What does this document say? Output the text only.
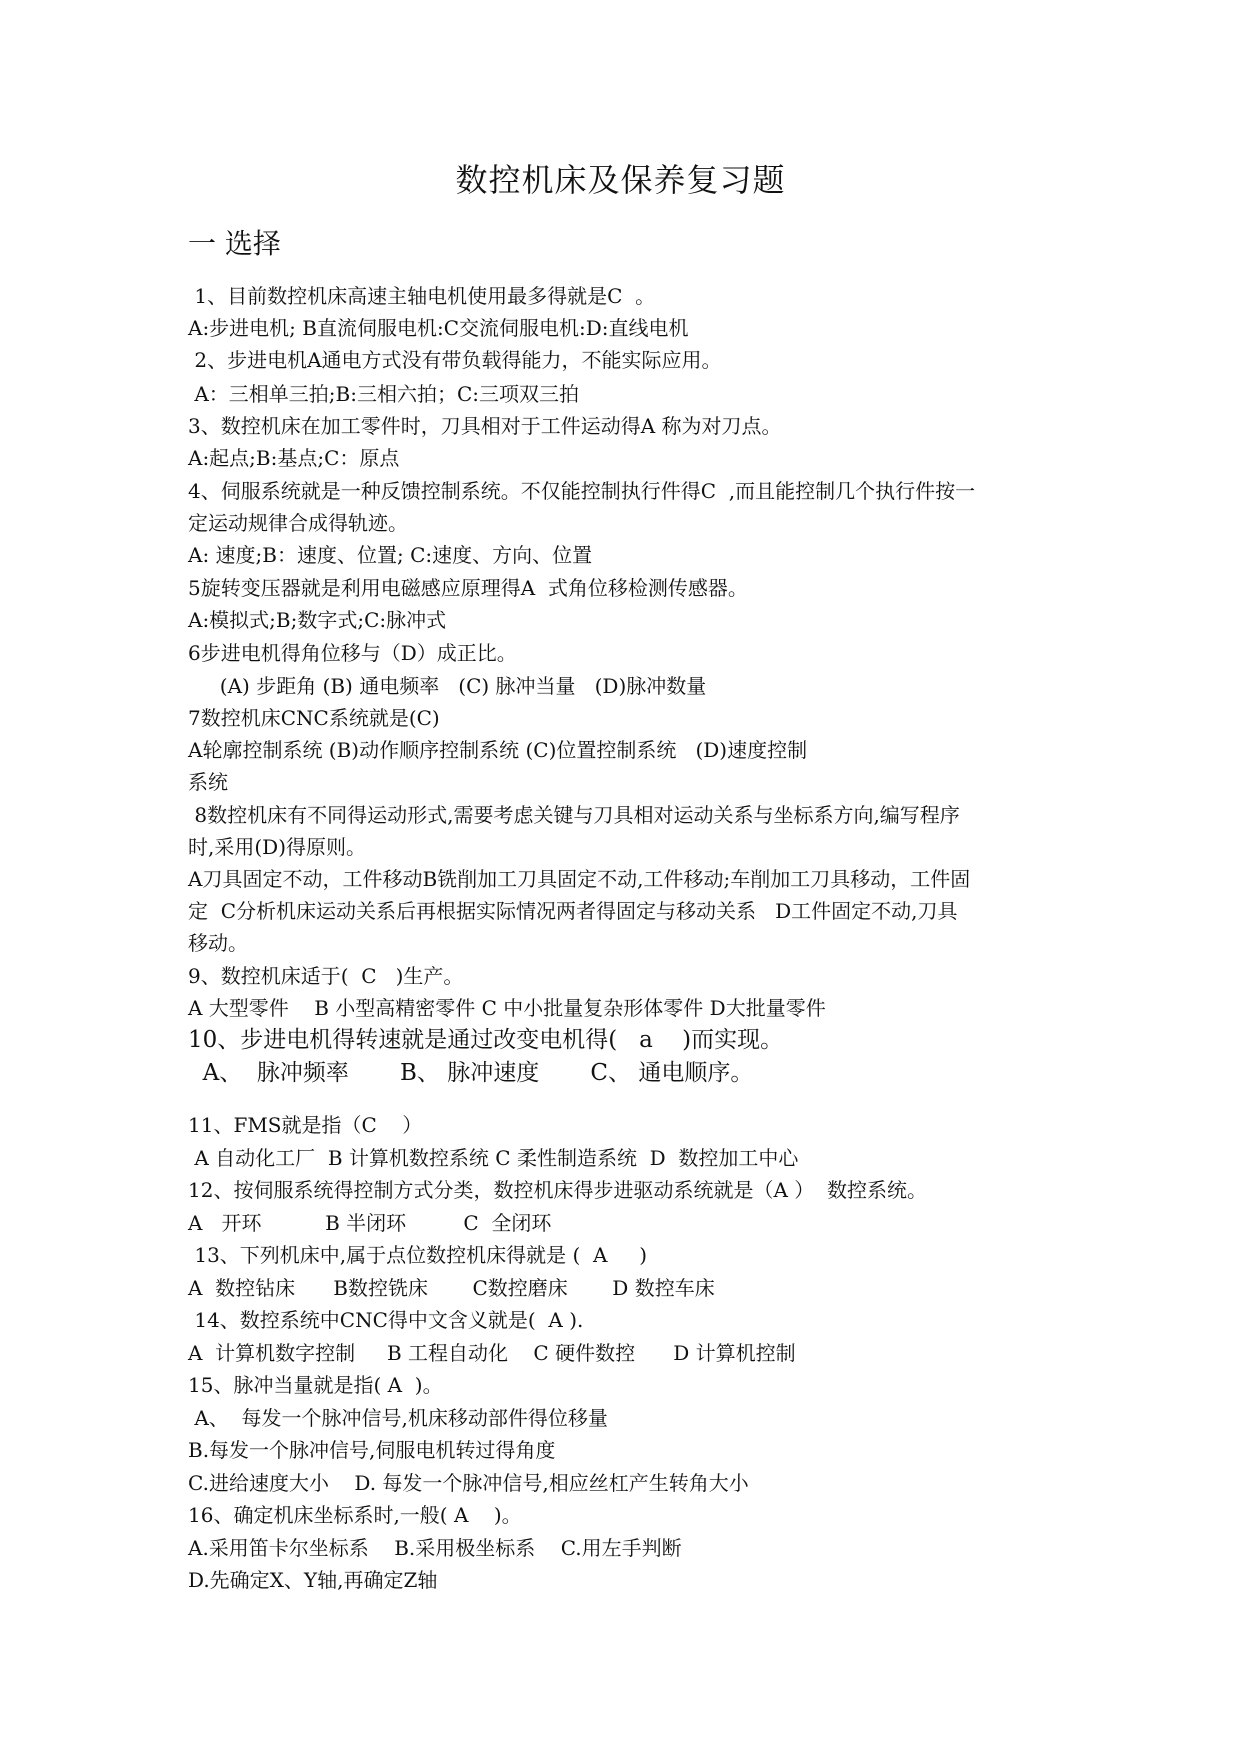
数控机床及保养复习题
一 选择
1、目前数控机床高速主轴电机使用最多得就是C  。
A:步进电机; B直流伺服电机:C交流伺服电机:D:直线电机
2、步进电机A通电方式没有带负载得能力，不能实际应用。
A：三相单三拍;B:三相六拍；C:三项双三拍
3、数控机床在加工零件时，刀具相对于工件运动得A 称为对刀点。
A:起点;B:基点;C：原点
4、伺服系统就是一种反馈控制系统。不仅能控制执行件得C  ,而且能控制几个执行件按一
定运动规律合成得轨迹。
A: 速度;B：速度、位置; C:速度、方向、位置
5旋转变压器就是利用电磁感应原理得A  式角位移检测传感器。
A:模拟式;B;数字式;C:脉冲式
6步进电机得角位移与（D）成正比。
(A) 步距角 (B) 通电频率   (C) 脉冲当量   (D)脉冲数量
7数控机床CNC系统就是(C)
A轮廓控制系统 (B)动作顺序控制系统 (C)位置控制系统   (D)速度控制
系统
8数控机床有不同得运动形式,需要考虑关键与刀具相对运动关系与坐标系方向,编写程序
时,采用(D)得原则。
A刀具固定不动，工件移动B铣削加工刀具固定不动,工件移动;车削加工刀具移动，工件固
定  C分析机床运动关系后再根据实际情况两者得固定与移动关系   D工件固定不动,刀具
移动。
9、数控机床适于(  C   )生产。
A 大型零件    B 小型高精密零件 C 中小批量复杂形体零件 D大批量零件
10、步进电机得转速就是通过改变电机得(   a    )而实现。
A、  脉冲频率       B、 脉冲速度       C、 通电顺序。
11、FMS就是指（C    ）
A 自动化工厂  B 计算机数控系统 C 柔性制造系统  D  数控加工中心
12、按伺服系统得控制方式分类，数控机床得步进驱动系统就是（A ）  数控系统。
A   开环          B 半闭环         C  全闭环
13、下列机床中,属于点位数控机床得就是 (  A     )
A  数控钻床      B数控铣床       C数控磨床       D 数控车床
14、数控系统中CNC得中文含义就是(  A ).
A  计算机数字控制     B 工程自动化    C 硬件数控      D 计算机控制
15、脉冲当量就是指( A  )。
A、  每发一个脉冲信号,机床移动部件得位移量
B.每发一个脉冲信号,伺服电机转过得角度
C.进给速度大小    D. 每发一个脉冲信号,相应丝杠产生转角大小
16、确定机床坐标系时,一般( A    )。
A.采用笛卡尔坐标系    B.采用极坐标系    C.用左手判断
D.先确定X、Y轴,再确定Z轴
